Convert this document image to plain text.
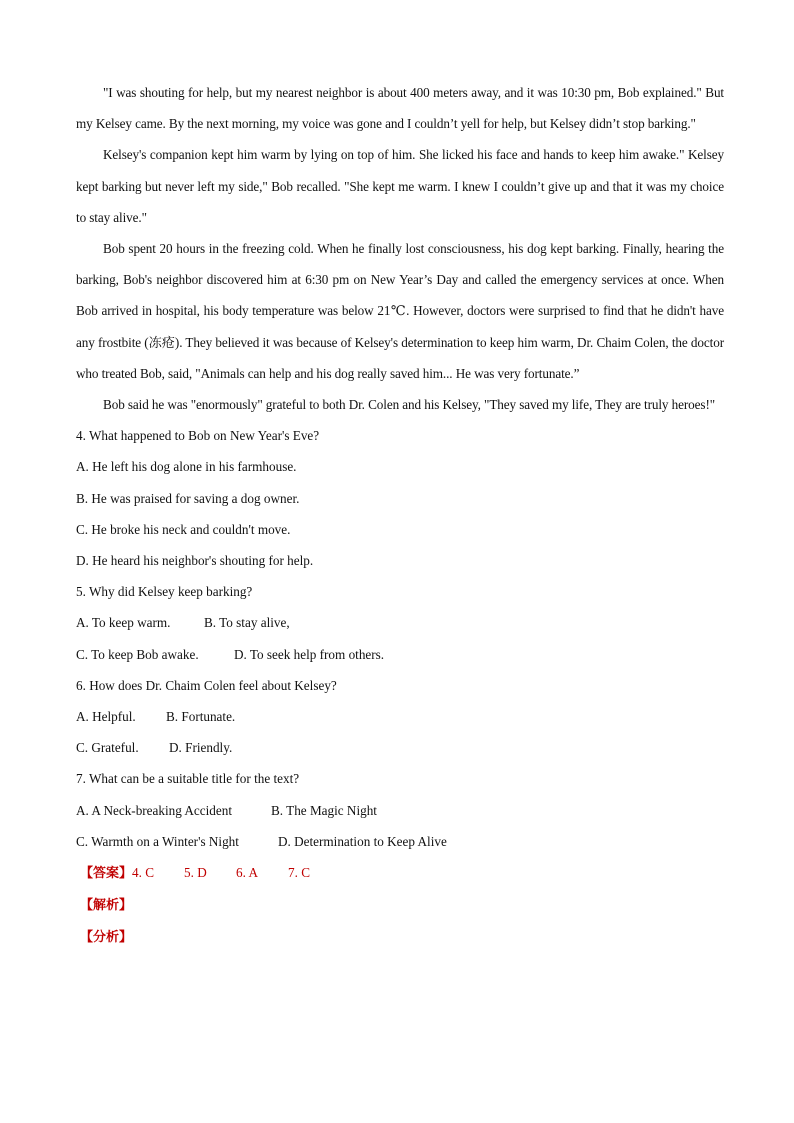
"I was shouting for help, but my nearest neighbor is about 400 meters away, and it was 10:30 pm, Bob explained." But my Kelsey came. By the next morning, my voice was gone and I couldn’t yell for help, but Kelsey didn’t stop barking."

Kelsey's companion kept him warm by lying on top of him. She licked his face and hands to keep him awake." Kelsey kept barking but never left my side," Bob recalled. "She kept me warm. I knew I couldn’t give up and that it was my choice to stay alive."

Bob spent 20 hours in the freezing cold. When he finally lost consciousness, his dog kept barking. Finally, hearing the barking, Bob's neighbor discovered him at 6:30 pm on New Year’s Day and called the emergency services at once. When Bob arrived in hospital, his body temperature was below 21℃. However, doctors were surprised to find that he didn't have any frostbite (冻疮). They believed it was because of Kelsey's determination to keep him warm, Dr. Chaim Colen, the doctor who treated Bob, said, "Animals can help and his dog really saved him... He was very fortunate.”

Bob said he was "enormously" grateful to both Dr. Colen and his Kelsey, "They saved my life, They are truly heroes!"

4. What happened to Bob on New Year's Eve?

A. He left his dog alone in his farmhouse.

B. He was praised for saving a dog owner.

C. He broke his neck and couldn't move.

D. He heard his neighbor's shouting for help.

5. Why did Kelsey keep barking?

A. To keep warm.	B. To stay alive,
C. To keep Bob awake.	D. To seek help from others.

6. How does Dr. Chaim Colen feel about Kelsey?

A. Helpful.	B. Fortunate.
C. Grateful.	D. Friendly.

7. What can be a suitable title for the text?

A. A Neck-breaking Accident	B. The Magic Night
C. Warmth on a Winter's Night	D. Determination to Keep Alive

【答案】4. C 5. D 6. A 7. C

【解析】

【分析】
